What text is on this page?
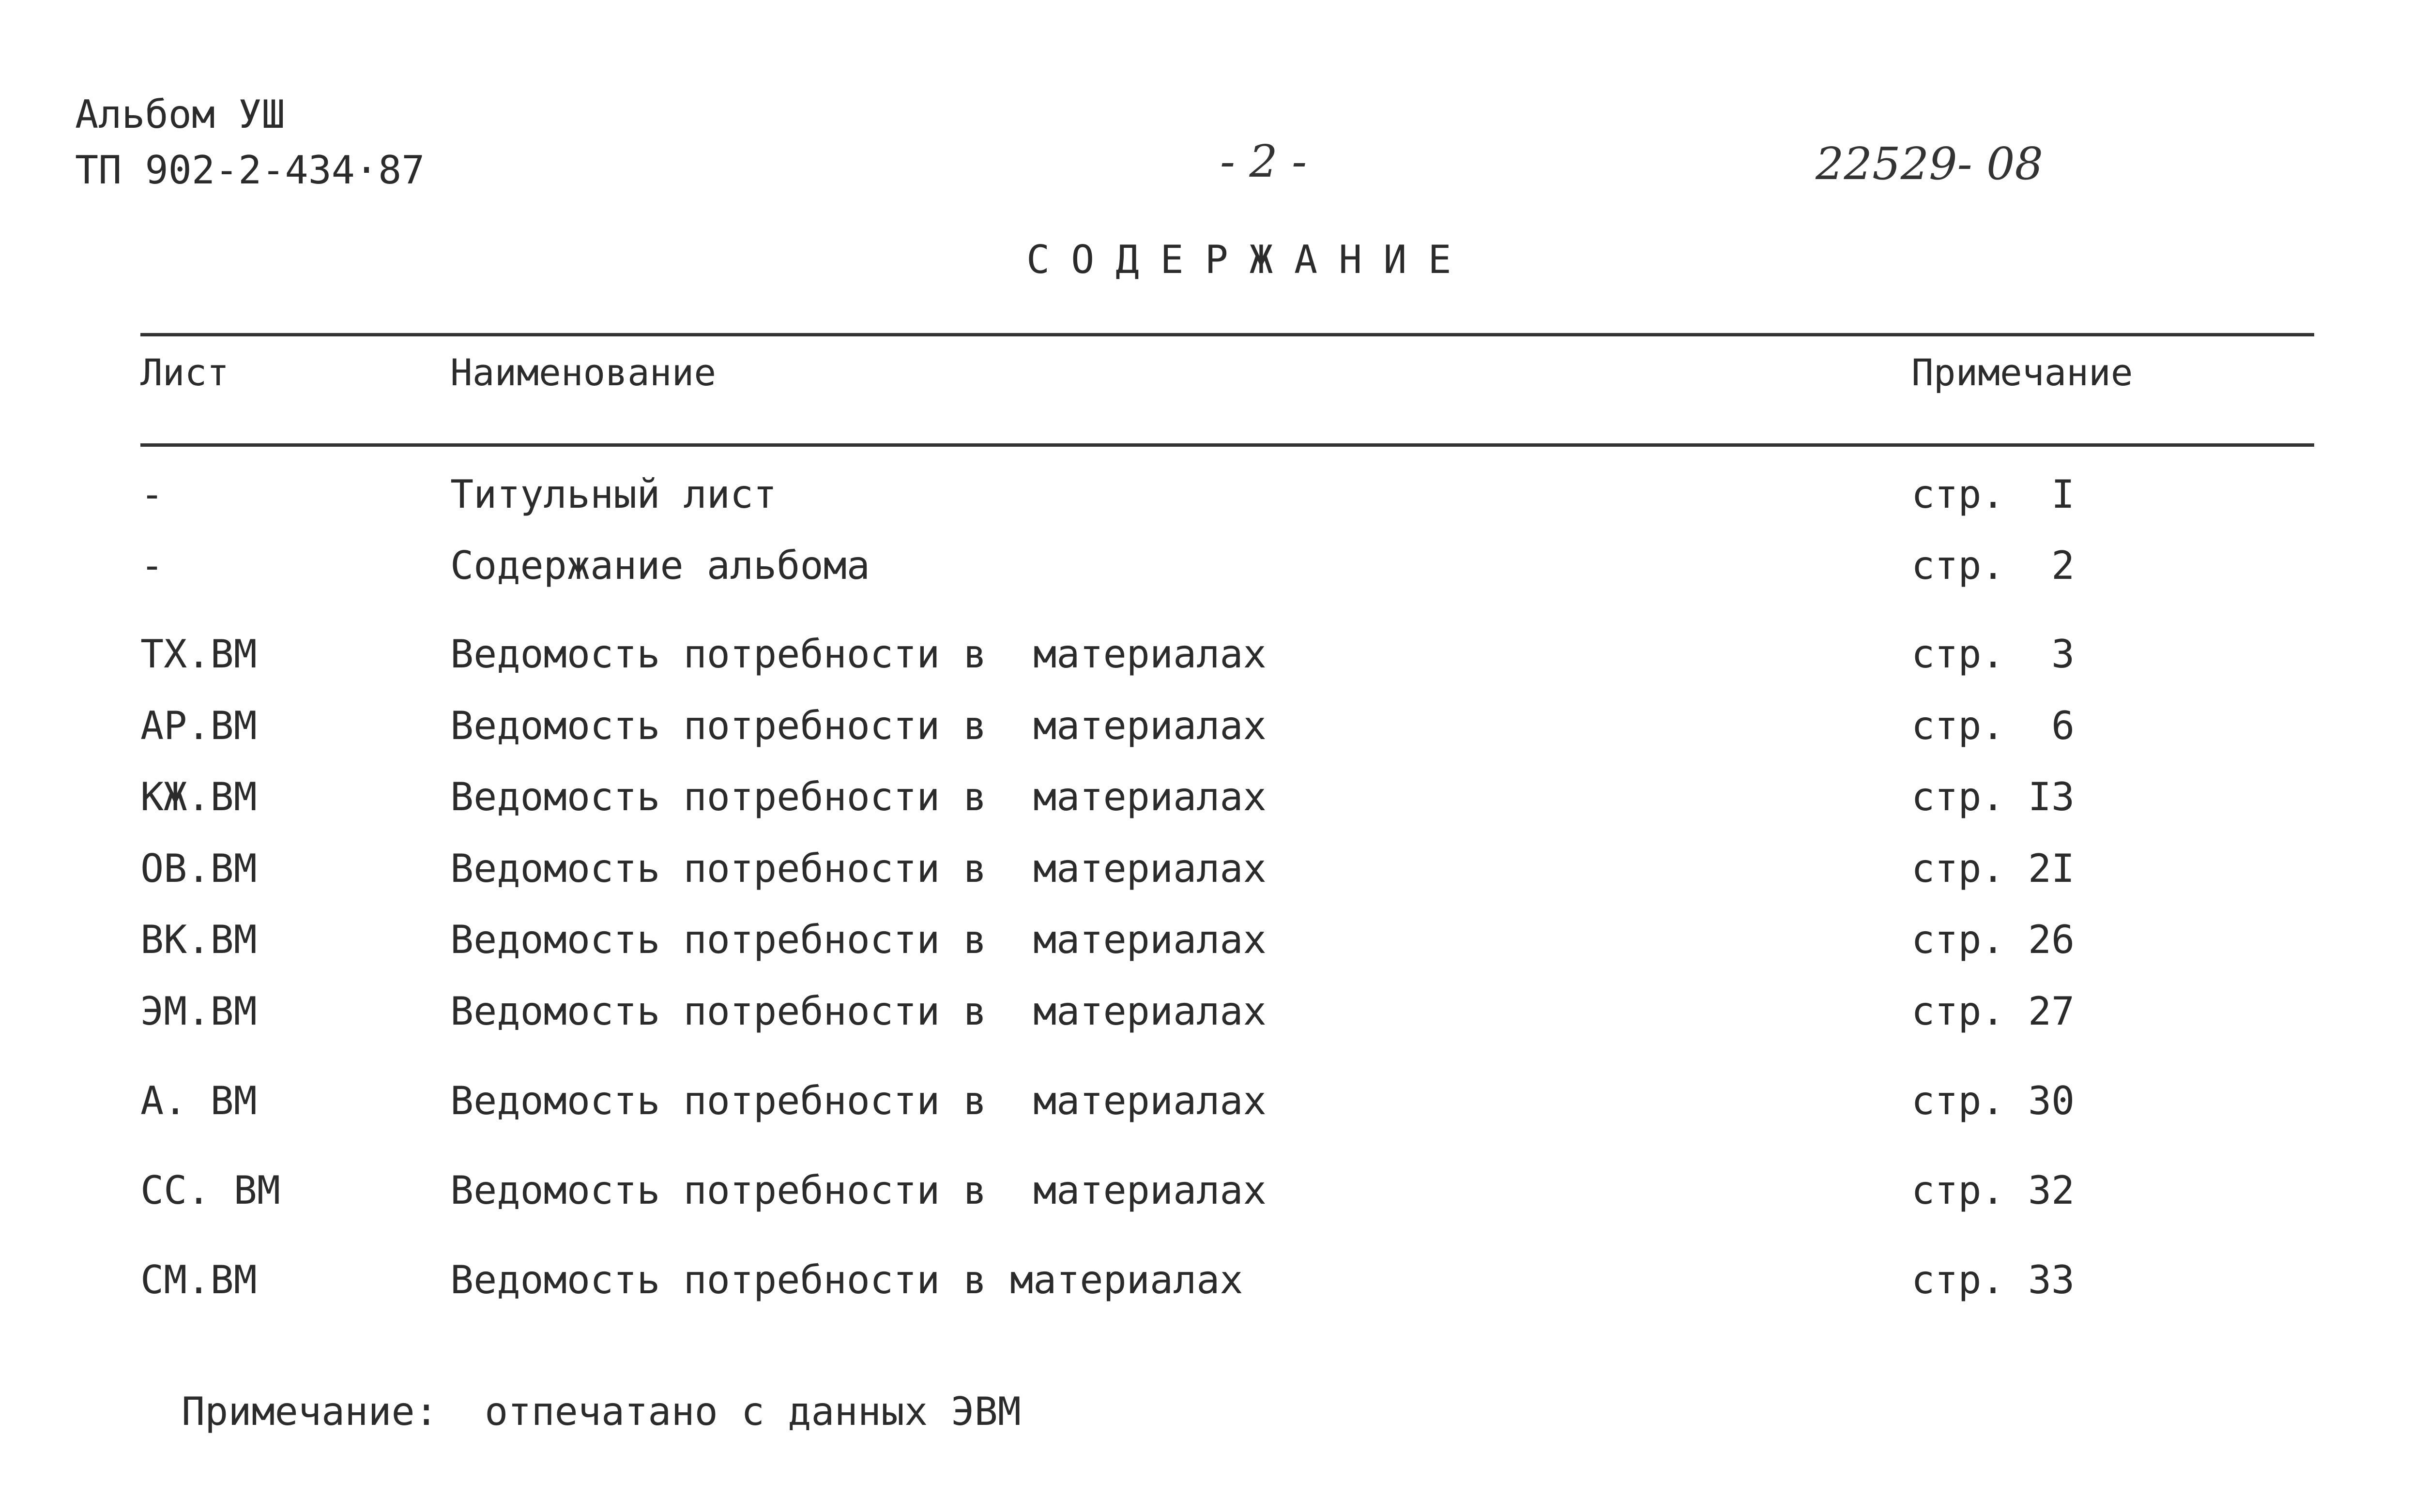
Альбом УШ
ТП 902-2-434·87	- 2 -	22529- 08
СОДЕРЖАНИЕ
Лист	Наименование	Примечание
-	Титульный лист	стр.  I
-	Содержание альбома	стр.  2
ТХ.ВМ	Ведомость потребности в  материалах	стр.  3
АР.ВМ	Ведомость потребности в  материалах	стр.  6
КЖ.ВМ	Ведомость потребности в  материалах	стр. I3
ОВ.ВМ	Ведомость потребности в  материалах	стр. 2I
ВК.ВМ	Ведомость потребности в  материалах	стр. 26
ЭМ.ВМ	Ведомость потребности в  материалах	стр. 27
А. ВМ	Ведомость потребности в  материалах	стр. 30
СС. ВМ	Ведомость потребности в  материалах	стр. 32
СМ.ВМ	Ведомость потребности в материалах	стр. 33
Примечание:  отпечатано с данных ЭВМ
